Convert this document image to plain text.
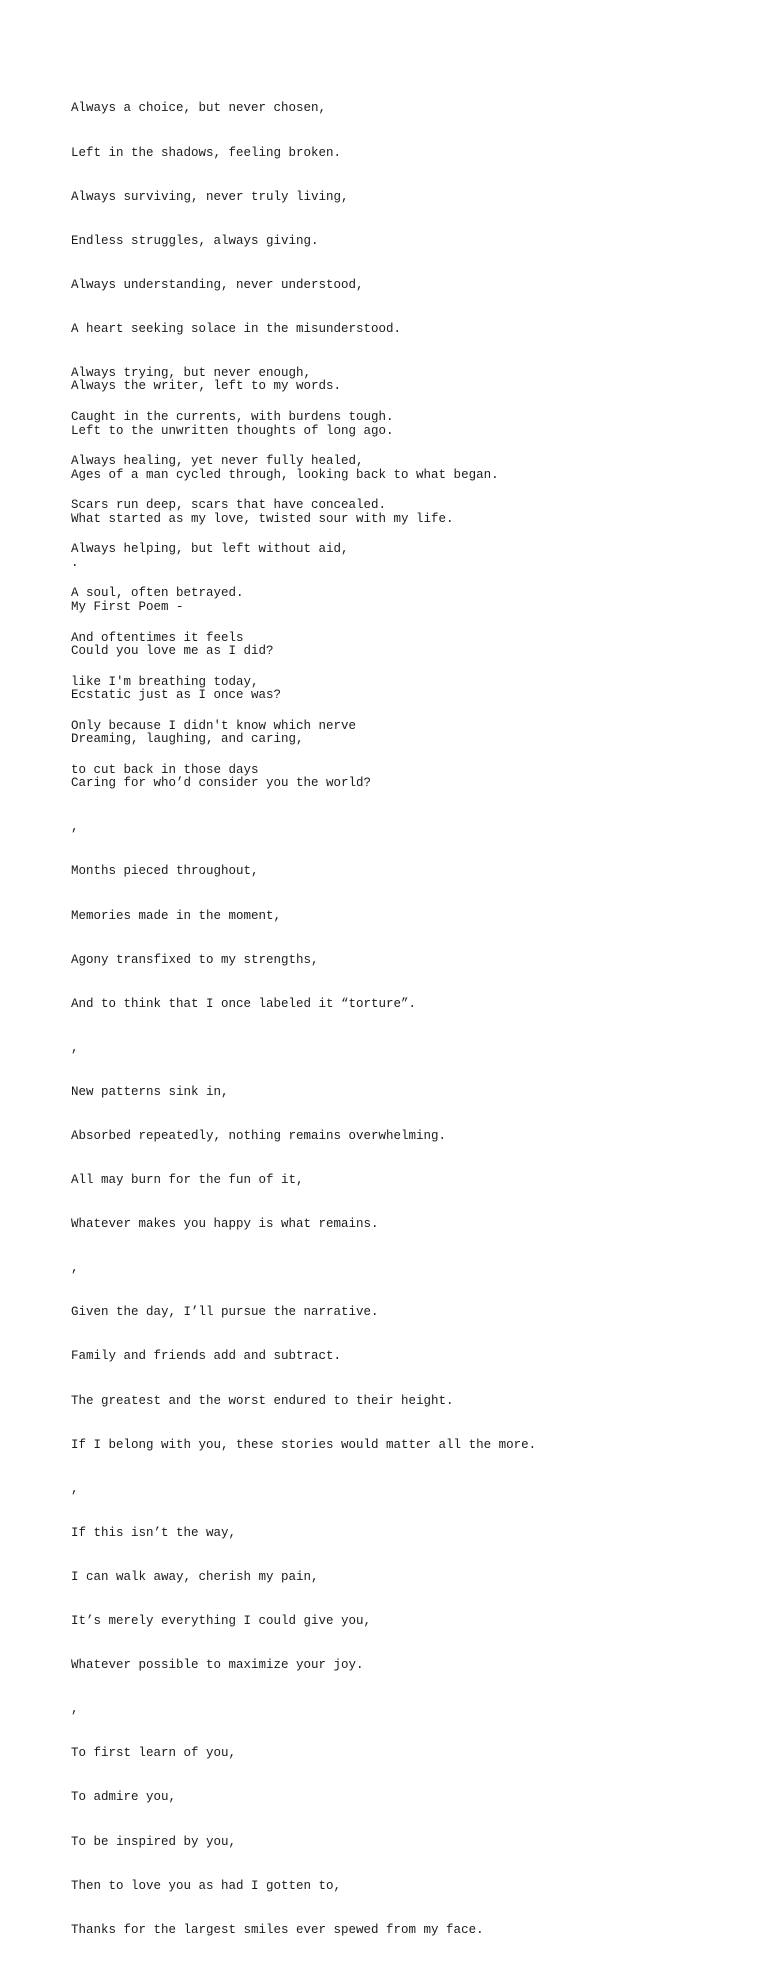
Always a choice, but never chosen,

Left in the shadows, feeling broken.

Always surviving, never truly living,

Endless struggles, always giving.

Always understanding, never understood,

A heart seeking solace in the misunderstood.

Always trying, but never enough,

Caught in the currents, with burdens tough.

Always healing, yet never fully healed,

Scars run deep, scars that have concealed.

Always helping, but left without aid,

A soul, often betrayed.

And oftentimes it feels

like I'm breathing today,

Only because I didn't know which nerve

to cut back in those days

Always the writer, left to my words.

Left to the unwritten thoughts of long ago.

Ages of a man cycled through, looking back to what began.

What started as my love, twisted sour with my life.

.

My First Poem -

Could you love me as I did?

Ecstatic just as I once was?

Dreaming, laughing, and caring,

Caring for who’d consider you the world?

,

Months pieced throughout,

Memories made in the moment,

Agony transfixed to my strengths,

And to think that I once labeled it “torture”.

,

New patterns sink in,

Absorbed repeatedly, nothing remains overwhelming.

All may burn for the fun of it,

Whatever makes you happy is what remains.

,

Given the day, I’ll pursue the narrative.

Family and friends add and subtract.

The greatest and the worst endured to their height.

If I belong with you, these stories would matter all the more.

,

If this isn’t the way,

I can walk away, cherish my pain,

It’s merely everything I could give you,

Whatever possible to maximize your joy.

,

To first learn of you,

To admire you,

To be inspired by you,

Then to love you as had I gotten to,

Thanks for the largest smiles ever spewed from my face.
